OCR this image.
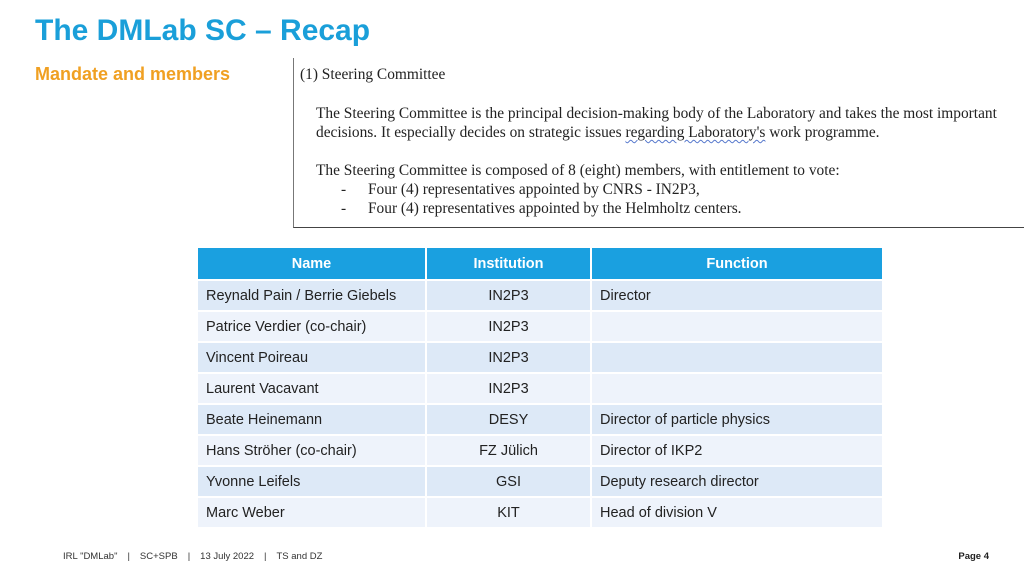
The DMLab SC – Recap
Mandate and members	(1) Steering Committee
The Steering Committee is the principal decision-making body of the Laboratory and takes the most important decisions. It especially decides on strategic issues regarding Laboratory's work programme.
The Steering Committee is composed of 8 (eight) members, with entitlement to vote:
- Four (4) representatives appointed by CNRS - IN2P3,
- Four (4) representatives appointed by the Helmholtz centers.
Name	Institution	Function
Reynald Pain / Berrie Giebels	IN2P3	Director
Patrice Verdier (co-chair)	IN2P3	
Vincent Poireau	IN2P3	
Laurent Vacavant	IN2P3	
Beate Heinemann	DESY	Director of particle physics
Hans Ströher (co-chair)	FZ Jülich	Director of IKP2
Yvonne Leifels	GSI	Deputy research director
Marc Weber	KIT	Head of division V
IRL "DMLab" | SC+SPB | 13 July 2022 | TS and DZ	Page 4
